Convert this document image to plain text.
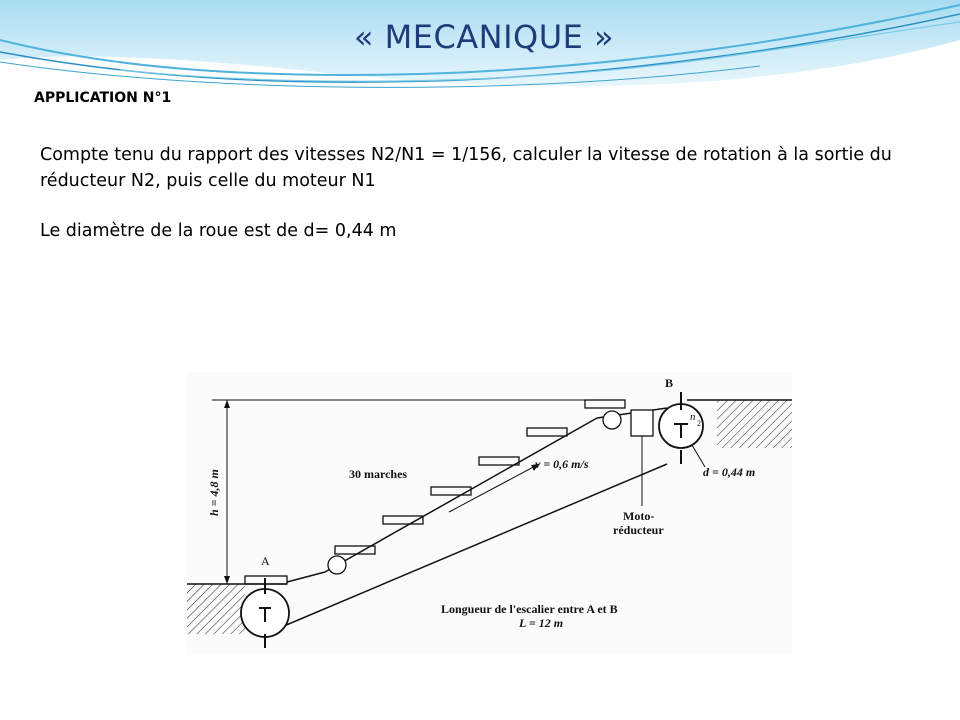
« MECANIQUE »
APPLICATION N°1
Compte tenu du rapport des vitesses N2/N1 = 1/156, calculer la vitesse de rotation à la sortie du réducteur N2, puis celle du moteur N1
Le diamètre de la roue est de d= 0,44 m
A
B
h = 4,8 m	30 marches
v = 0,6 m/s
Moto-
réducteur
d = 0,44 m
n
2
Longueur de l'escalier entre A et B
L = 12 m
